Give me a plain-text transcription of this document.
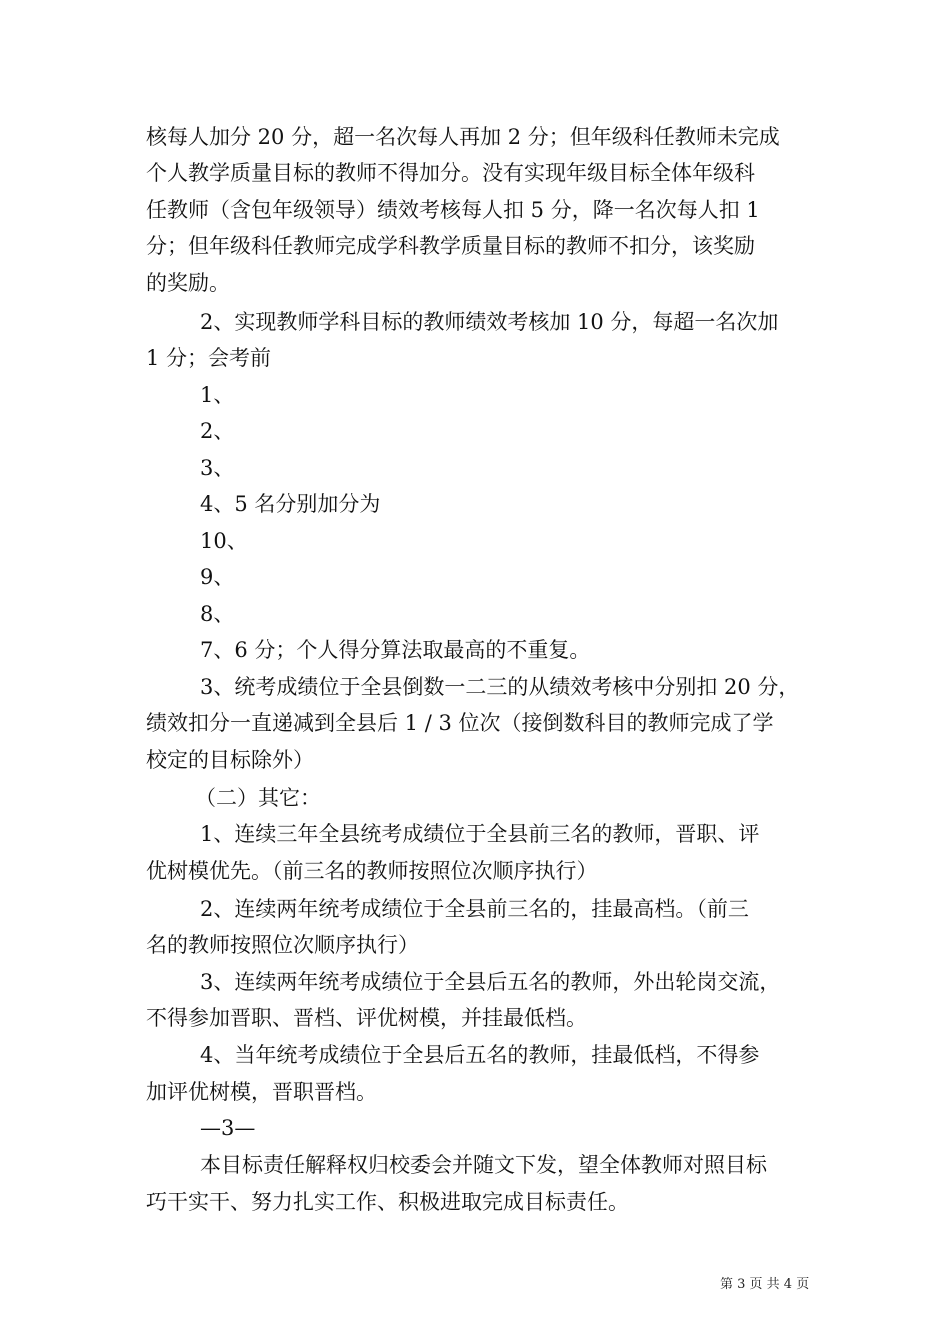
核每人加分 20 分，超一名次每人再加 2 分；但年级科任教师未完成
个人教学质量目标的教师不得加分。没有实现年级目标全体年级科
任教师（含包年级领导）绩效考核每人扣 5 分，降一名次每人扣 1
分；但年级科任教师完成学科教学质量目标的教师不扣分，该奖励
的奖励。
2、实现教师学科目标的教师绩效考核加 10 分，每超一名次加
1 分；会考前
1、
2、
3、
4、5 名分别加分为
10、
9、
8、
7、6 分；个人得分算法取最高的不重复。
3、统考成绩位于全县倒数一二三的从绩效考核中分别扣 20 分，
绩效扣分一直递减到全县后 1 / 3 位次（接倒数科目的教师完成了学
校定的目标除外）
（二）其它：
1、连续三年全县统考成绩位于全县前三名的教师，晋职、评
优树模优先。（前三名的教师按照位次顺序执行）
2、连续两年统考成绩位于全县前三名的，挂最高档。（前三
名的教师按照位次顺序执行）
3、连续两年统考成绩位于全县后五名的教师，外出轮岗交流，
不得参加晋职、晋档、评优树模，并挂最低档。
4、当年统考成绩位于全县后五名的教师，挂最低档，不得参
加评优树模，晋职晋档。
—3—
本目标责任解释权归校委会并随文下发，望全体教师对照目标
巧干实干、努力扎实工作、积极进取完成目标责任。
第 3 页 共 4 页
